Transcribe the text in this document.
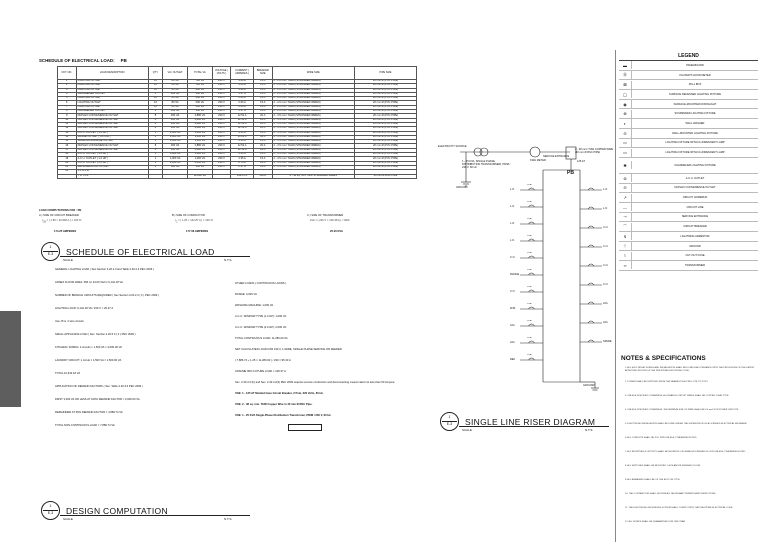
SCHEDULE OF ELECTRICAL LOAD: PB
CKT. NO.	LOAD DESCRIPTION	QTY.	VA / OUTLET	TOTAL VA	VOLTAGE ( VOLTS )	CURRENT ( AMPERES )	BREAKER SIZE	WIRE SIZE	PIPE SIZE
1	LIGHTING OUTLET	10	80 VA	720 VA	230 V	3.08 A	15 A	2 - 2.0 mm² THHN (STRANDED WIRES)	20 mm Ø (PVC PIPE)
2	LIGHTING OUTLET	10	80 VA	720 VA	230 V	3.08 A	15 A	2 - 2.0 mm² THHN (STRANDED WIRES)	20 mm Ø (PVC PIPE)
3	LIGHTING OUTLET	10	80 VA	800 VA	230 V	3.48 A	15 A	2 - 2.0 mm² THHN (STRANDED WIRES)	20 mm Ø (PVC PIPE)
4	CHANDELIER OUTLET	1	360 VA	360 VA	230 V	1.57 A	15 A	2 - 2.0 mm² THHN (STRANDED WIRES)	20 mm Ø (PVC PIPE)
5	LIGHTING OUTLET	10	80 VA	600 VA	230 V	2.60 A	15 A	2 - 2.0 mm² THHN (STRANDED WIRES)	20 mm Ø (PVC PIPE)
6	LIGHTING OUTLET	10	80 VA	600 VA	230 V	2.60 A	15 A	2 - 2.0 mm² THHN (STRANDED WIRES)	20 mm Ø (PVC PIPE)
7	LIGHTING OUTLET	10	80 VA	600 VA	230 V	2.60 A	15 A	2 - 2.0 mm² THHN (STRANDED WIRES)	20 mm Ø (PVC PIPE)
8	CHANDELIER OUTLET	1	360 VA	360 VA	230 V	1.57 A	15 A	2 - 2.0 mm² THHN (STRANDED WIRES)	20 mm Ø (PVC PIPE)
9	DUPLEX CONVENIENCE OUTLET	8	360 VA	2,880 VA	230 V	12.52 A	20 A	2 - 3.5 mm² THHN (STRANDED WIRES)	20 mm Ø (PVC PIPE)
10	DUPLEX CONVENIENCE OUTLET	8	360 VA	2,880 VA	230 V	12.52 A	20 A	2 - 3.5 mm² THHN (STRANDED WIRES)	20 mm Ø (PVC PIPE)
11	DUPLEX CONVENIENCE OUTLET	8	360 VA	2,880 VA	230 V	12.52 A	20 A	2 - 3.5 mm² THHN (STRANDED WIRES)	20 mm Ø (PVC PIPE)
12	DUPLEX CONVENIENCE OUTLET	8	360 VA	2,880 VA	230 V	12.52 A	20 A	2 - 3.5 mm² THHN (STRANDED WIRES)	20 mm Ø (PVC PIPE)
13	A.C.U. OUTLET ( 1.0 HP )	1	1,000 VA	1,000 VA	230 V	4.35 A	15 A	2 - 3.5 mm² THHN (STRANDED WIRES)	20 mm Ø (PVC PIPE)
14	RANGE OUTLET ( 8.0 CIR )	1	3,000 VA	3,000 VA	230 V	13.04 A	30 A	2 - 5.5 mm² THHN (STRANDED WIRES)	20 mm Ø (PVC PIPE)
15	WASHING MACHINE OUTLET	1	1,000 VA	1,000 VA	230 V	4.35 A	15 A	2 - 3.5 mm² THHN (STRANDED WIRES)	20 mm Ø (PVC PIPE)
16	DUPLEX CONVENIENCE OUTLET	8	360 VA	2,880 VA	230 V	12.52 A	20 A	2 - 3.5 mm² THHN (STRANDED WIRES)	20 mm Ø (PVC PIPE)
17	DUPLEX CONVENIENCE OUTLET	8	360 VA	2,880 VA	230 V	12.52 A	20 A	2 - 3.5 mm² THHN (STRANDED WIRES)	20 mm Ø (PVC PIPE)
18	A.C.U. OUTLET ( 1.0 HP )	1	1,000 VA	1,000 VA	230 V	4.35 A	15 A	2 - 3.5 mm² THHN (STRANDED WIRES)	20 mm Ø (PVC PIPE)
19	A.C.U. OUTLET ( 1.0 HP )	1	1,000 VA	1,000 VA	230 V	4.35 A	15 A	2 - 3.5 mm² THHN (STRANDED WIRES)	20 mm Ø (PVC PIPE)
20	A.C.U. OUTLET ( 2.0 HP )	1	2,000 VA	2,000 VA	230 V	8.70 A	20 A	2 - 3.5 mm² THHN (STRANDED WIRES)	20 mm Ø (PVC PIPE)
21	REFRIGERATOR OUTLET	1	500 VA	500 VA	230 V	2.17 A	15 A	2 - 3.5 mm² THHN (STRANDED WIRES)	20 mm Ø (PVC PIPE)
22	S P A R E								
	T O T A L			32,860 VA		142.87 A	150 A	2 - 38 sq. mm. THW STRANDED WIRES	40 mm Ø RSC PIPE
LOAD COMPUTATIONS FOR : PB
A.) SIZE OF CIRCUIT BREAKER	B.) SIZE OF CONDUCTOR	C.) SIZE OF TRANSFORMER
$I_{CB}$ = [ 1.80 × 32,860 A ] × 100 %	$I_C$ = [ 1.25 × 142.87 A ] × 100 %	kVA = [ 230 V × 106.38 A ] / 1000
174.25 AMPERES	177.08 AMPERES	25.00 KVA
1
E-3	SCHEDULE OF ELECTRICAL LOAD
SCALE	N.T.S.
GENERAL LIGHTING LOAD ( Sec.Section 3.20.2.3 and Table 2.20.2.3 PEC 2009 )
ANNEX FLOOR AREA: 256 m² 24.00 VA/m² 6,142.18 VA
NUMBER OF BRANCH CIRCUITS REQUIRED ( Sec.Section 3.20.2.3 ( b ) PEC 2009 )
LIGHTING LOAD: 6,142.18 VA / 230 V = 26.27 A
Use 15 A, 2 wire circuits
SMALL APPLIANCE LOAD ( Sec. Section 2.20.5.3 ( b ) PEC 2009 )
KITCHEN / DINING: 2 circuits × 1,500 VA = 3,000.00 VA
LAUNDRY CIRCUIT: 1 circuit × 1,500 VA = 1,500.00 VA
TOTAL 10,642.18 VA
APPLICATION OF DEMAND FACTORS ( Sec. Table 2.20.3.3 PEC 2009 )
FIRST 3,000 VA OR LESS AT 100% DEMAND FACTOR = 3,000.00 VA
REMAINDER AT 35% DEMAND FACTOR = 4,886.74 VA
TOTAL NON-CONTINUOUS LOAD = 7,886.74 VA
OTHER LOADS ( CONTINUOUS LOADS )
RANGE: 3,000 VA
WASHING MACHINE: 1,000 VA
A.C.U. WINDOW TYPE (1.0 HP): 1,000 VA
A.C.U. WINDOW TYPE (2.0 HP): 2,000 VA
TOTAL CONTINUOUS LOAD: 11,280.00 VA
NET CALCULATED LOAD FOR 230 V, 1-WIRE, SINGLE PHASE SERVICE OR FEEDER
( 7,886.74 + 1.25 × 11,280.00 ) / 230 = 95.33 A
ASSUME 90% FUTURE LOAD = 106.37 A
Sec. 2.30.4.3 (b) and Sec. 2.30.4.2(3) PEC 2009 requires service conductors and disconnecting means rated not less than 60 Ampere.
USE: 1 - 125 AT Molded Case Circuit Breaker, 2 Pole, 220 Volts, 60 Hz.
USE: 2 - 38 sq. mm. THW Copper Wire in 40 mm Ø RSC Pipe.
USE: 1 - 25 KVA Single-Phase Distribution Transformer, PRIM / 230 V, 60 Hz.
1
E-3	DESIGN COMPUTATION
SCALE	N.T.S.
ELECTRICITY SOURCE
1 - 25 KVA, SINGLE PHASE, DISTRIBUTION TRANSFORMER, PRIM / 230 V, 60 Hz
SERVICE ENTRANCE
KWH METER
GROUND
2 - 38 mm² THW COPPER WIRE (40 mm Ø RSC PIPE)
PB
GROUND
L.O.
15 AT
L.O.
15 AT
L.O.
15 AT
L.O.
15 AT
C.O.
15 AT
RANGE
15 AT
C.O.
15 AT
W.M.
15 AT
ACU
15 AT
ACU
15 AT
REF
15 AT
L.O.
L.O.
C.O.
C.O.
C.O.
C.O.
ACU
ACU
SPARE
125 AT
1
E-3	SINGLE LINE RISER DIAGRAM
SCALE	N.T.S.
LEGEND
▬	PANELBOARD
Ⓜ	KILOWATT-HOUR METER
⊠	PULL BOX
◯	SURFACE RECESSED LIGHTING FIXTURE
◉	SURFACE-MOUNTED DOWNLIGHT
⊗	SUSPENDED LIGHTING FIXTURE
◐	WALL WASHER
⊖	WALL-MOUNTED LIGHTING FIXTURE
▭	LIGHTING FIXTURE WITH FLUORESCENT LAMP
▭	LIGHTING FIXTURE WITH FLUORESCENT LAMP
✱	CHANDELIER LIGHTING FIXTURE
⊜	A.C.U. OUTLET
⊖	DUPLEX CONVENIENCE OUTLET
↗	CIRCUIT HOMERUN
—	CIRCUIT LINE
⊸	SERVICE ENTRANCE
⌒	CIRCUIT BREAKER
↯	LIGHTNING ARRESTOR
⏚	GROUND
⌇	CUT-OUT FUSE
∞	TRANSFORMER
NOTES & SPECIFICATIONS
1. ALL ELECTRICAL WORKS AND INSTALLATION SHALL BE DONE IN ACCORDANCE WITH THE PROVISIONS OF THE LATEST APPROVED EDITION OF THE PHILIPPINE ELECTRICAL CODE.
2. POWER SHALL BE SUPPLIED FROM THE NEAREST ELECTRIC UTILITY POST.
3. UNLESS SPECIFIED OTHERWISE, ALL BRANCH CIRCUIT WIRES SHALL BE COPPER, THHN TYPE.
4. UNLESS SPECIFIED OTHERWISE, THE MINIMUM SIZE OF WIRE SHALL BE 3.5 mm² FOR POWER CIRCUITS.
5. ELECTRICAL INSTALLATION SHALL BE DONE UNDER THE SUPERVISION OF A LICENSED ELECTRICAL ENGINEER.
6. ALL CONDUITS SHALL BE PVC PIPE UNLESS OTHERWISE NOTED.
7. ALL RECEPTACLE OUTLETS SHALL BE MOUNTED 0.30 M ABOVE FINISHED FLOOR UNLESS OTHERWISE NOTED.
8. ALL SWITCHES SHALL BE MOUNTED 1.40 M ABOVE FINISHED FLOOR.
9. ALL BREAKERS SHALL BE OF THE BOLT-ON TYPE.
10. THE CONTRACTOR SHALL SECURE ALL NECESSARY PERMITS AND INSPECTIONS.
11. THE ELECTRICAL GROUNDING SYSTEM SHALL COMPLY WITH THE PHILIPPINE ELECTRICAL CODE.
12. ALL WORKS SHALL BE GUARANTEED FOR ONE YEAR.
